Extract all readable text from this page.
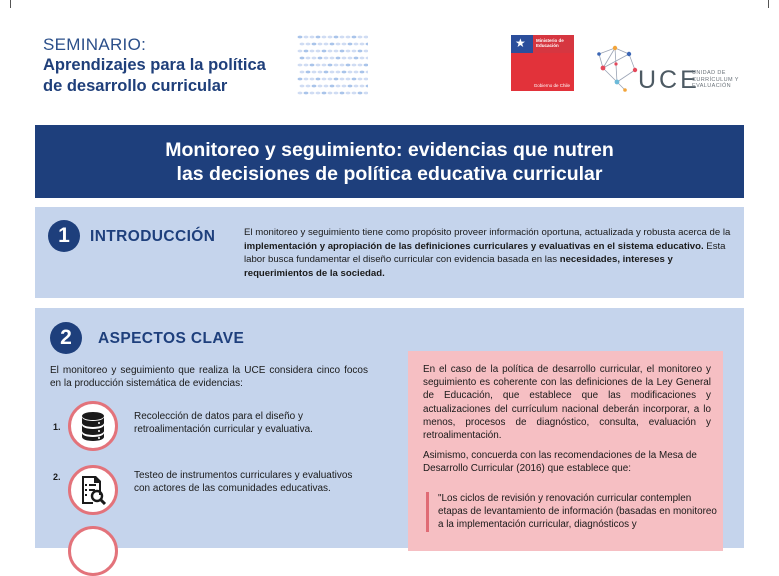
SEMINARIO:
Aprendizajes para la política
de desarrollo curricular
★
Ministerio de
Educación
Gobierno de Chile	UCE
UNIDAD DE
CURRÍCULUM Y
EVALUACIÓN
Monitoreo y seguimiento: evidencias que nutren
las decisiones de política educativa curricular
1	INTRODUCCIÓN	El monitoreo y seguimiento tiene como propósito proveer información oportuna, actualizada y robusta acerca de la implementación y apropiación de las definiciones curriculares y evaluativas en el sistema educativo. Esta labor busca fundamentar el diseño curricular con evidencia basada en las necesidades, intereses y requerimientos de la sociedad.
2	ASPECTOS CLAVE
El monitoreo y seguimiento que realiza la UCE considera cinco focos en la producción sistemática de evidencias:
1.
Recolección de datos para el diseño y retroalimentación curricular y evaluativa.
2.	Testeo de instrumentos curriculares y evaluativos con actores de las comunidades educativas.
En el caso de la política de desarrollo curricular, el monitoreo y seguimiento es coherente con las definiciones de la Ley General de Educación, que establece que las modificaciones y actualizaciones del currículum nacional deberán incorporar, a lo menos, procesos de diagnóstico, consulta, evaluación y retroalimentación.
Asimismo, concuerda con las recomendaciones de la Mesa de Desarrollo Curricular (2016) que establece que:
"Los ciclos de revisión y renovación curricular contemplen etapas de levantamiento de información (basadas en monitoreo a la implementación curricular, diagnósticos y
